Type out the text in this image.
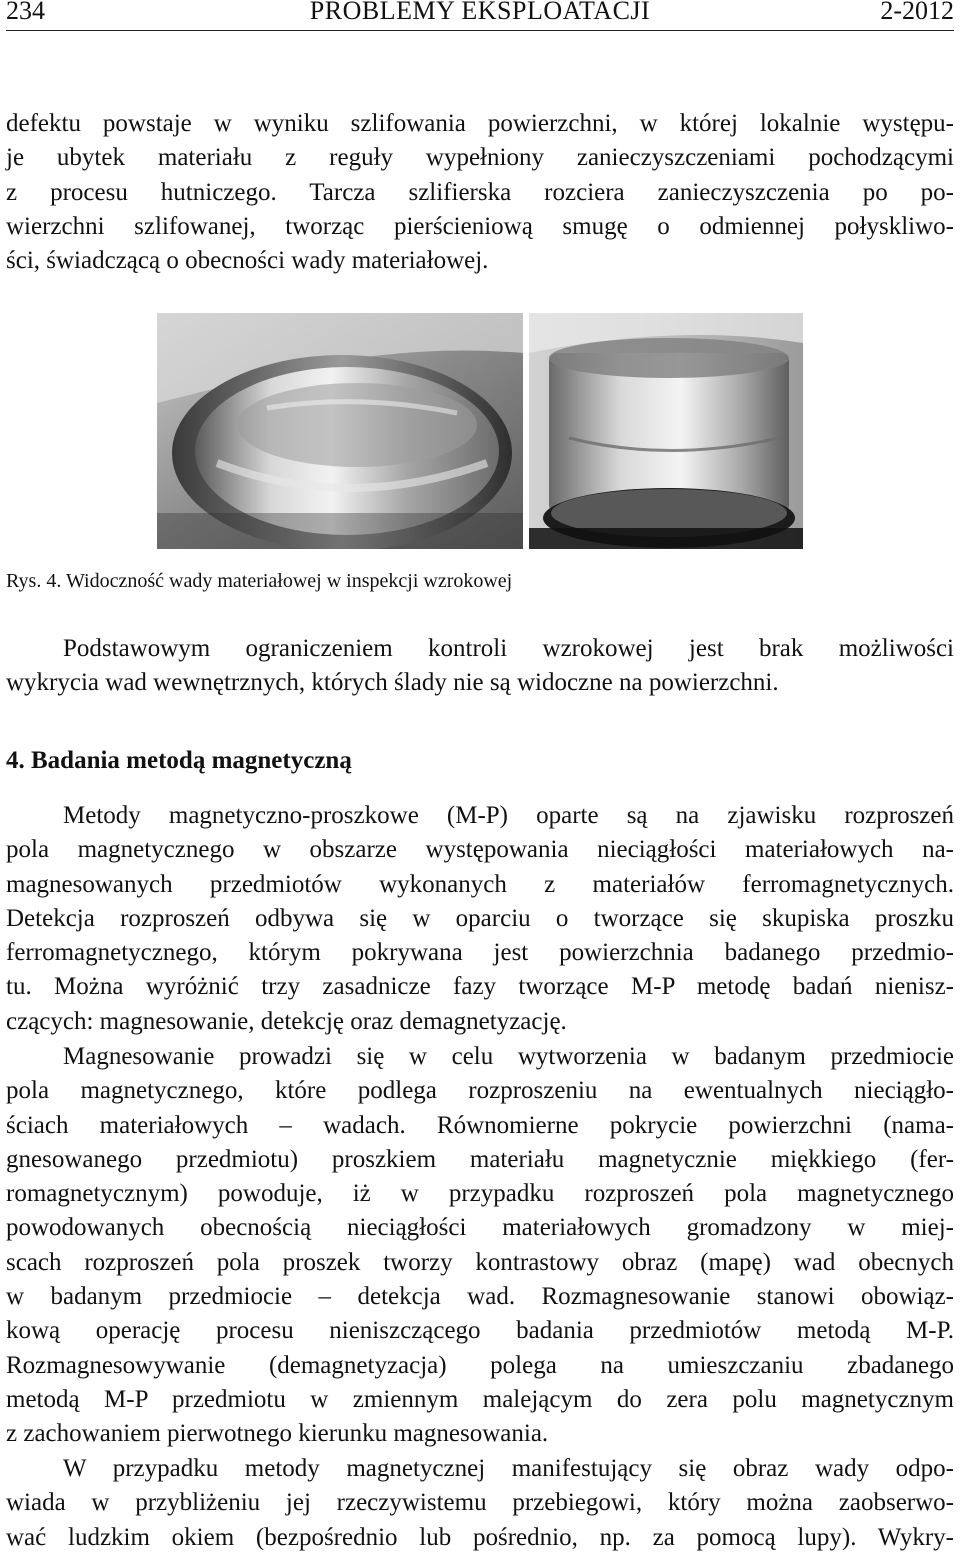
234	PROBLEMY EKSPLOATACJI	2-2012
defektu powstaje w wyniku szlifowania powierzchni, w której lokalnie występu-
je ubytek materiału z reguły wypełniony zanieczyszczeniami pochodzącymi
z procesu hutniczego. Tarcza szlifierska rozciera zanieczyszczenia po po-
wierzchni szlifowanej, tworząc pierścieniową smugę o odmiennej połyskliwo-
ści, świadczącą o obecności wady materiałowej.
Rys. 4. Widoczność wady materiałowej w inspekcji wzrokowej
Podstawowym ograniczeniem kontroli wzrokowej jest brak możliwości
wykrycia wad wewnętrznych, których ślady nie są widoczne na powierzchni.
4. Badania metodą magnetyczną
Metody magnetyczno-proszkowe (M-P) oparte są na zjawisku rozproszeń
pola magnetycznego w obszarze występowania nieciągłości materiałowych na-
magnesowanych przedmiotów wykonanych z materiałów ferromagnetycznych.
Detekcja rozproszeń odbywa się w oparciu o tworzące się skupiska proszku
ferromagnetycznego, którym pokrywana jest powierzchnia badanego przedmio-
tu. Można wyróżnić trzy zasadnicze fazy tworzące M-P metodę badań nienisz-
czących: magnesowanie, detekcję oraz demagnetyzację.
Magnesowanie prowadzi się w celu wytworzenia w badanym przedmiocie
pola magnetycznego, które podlega rozproszeniu na ewentualnych nieciągło-
ściach materiałowych – wadach. Równomierne pokrycie powierzchni (nama-
gnesowanego przedmiotu) proszkiem materiału magnetycznie miękkiego (fer-
romagnetycznym) powoduje, iż w przypadku rozproszeń pola magnetycznego
powodowanych obecnością nieciągłości materiałowych gromadzony w miej-
scach rozproszeń pola proszek tworzy kontrastowy obraz (mapę) wad obecnych
w badanym przedmiocie – detekcja wad. Rozmagnesowanie stanowi obowiąz-
kową operację procesu nieniszczącego badania przedmiotów metodą M-P.
Rozmagnesowywanie (demagnetyzacja) polega na umieszczaniu zbadanego
metodą M-P przedmiotu w zmiennym malejącym do zera polu magnetycznym
z zachowaniem pierwotnego kierunku magnesowania.
W przypadku metody magnetycznej manifestujący się obraz wady odpo-
wiada w przybliżeniu jej rzeczywistemu przebiegowi, który można zaobserwo-
wać ludzkim okiem (bezpośrednio lub pośrednio, np. za pomocą lupy). Wykry-
